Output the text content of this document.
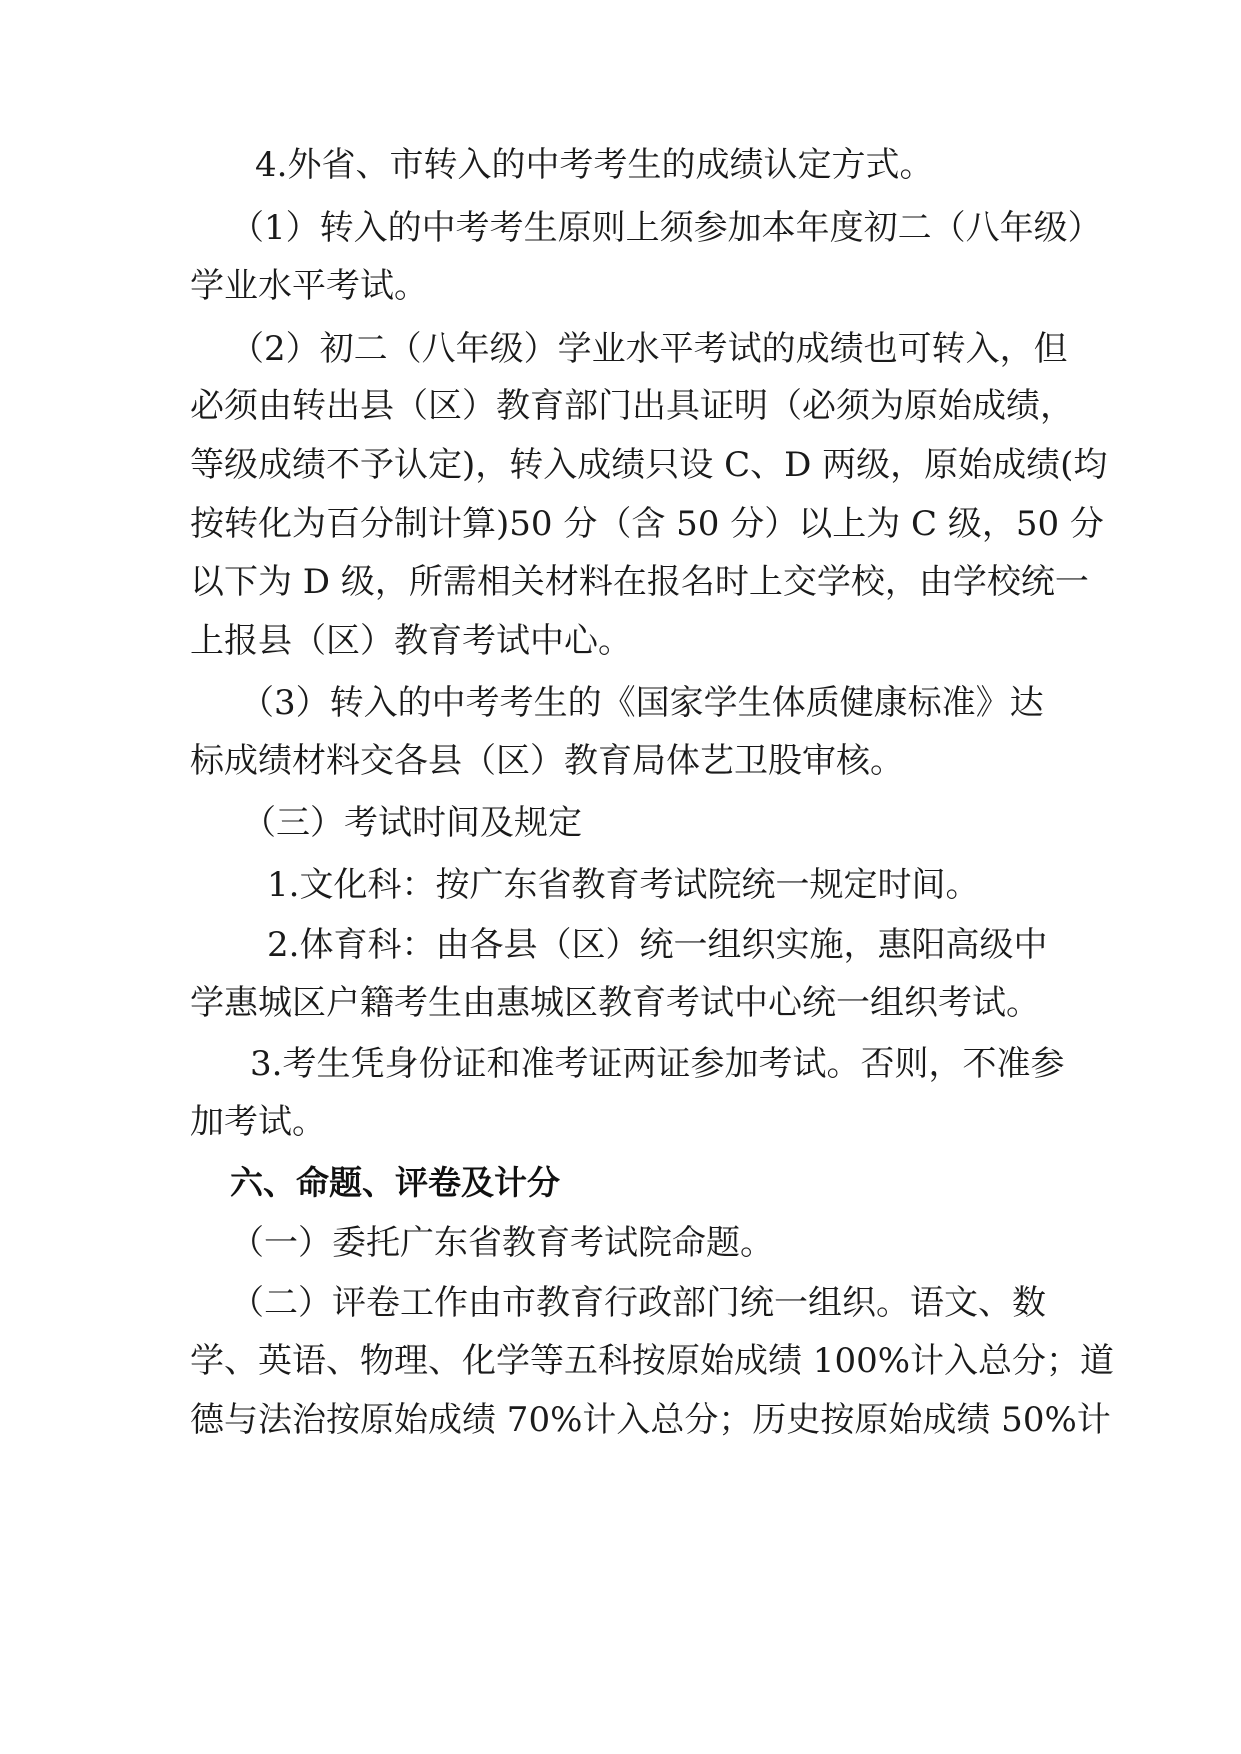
4.外省、市转入的中考考生的成绩认定方式。
（1）转入的中考考生原则上须参加本年度初二（八年级）
学业水平考试。
（2）初二（八年级）学业水平考试的成绩也可转入，但
必须由转出县（区）教育部门出具证明（必须为原始成绩，
等级成绩不予认定)，转入成绩只设 C、D 两级，原始成绩(均
按转化为百分制计算)50 分（含 50 分）以上为 C 级，50 分
以下为 D 级，所需相关材料在报名时上交学校，由学校统一
上报县（区）教育考试中心。
（3）转入的中考考生的《国家学生体质健康标准》达
标成绩材料交各县（区）教育局体艺卫股审核。
（三）考试时间及规定
1.文化科：按广东省教育考试院统一规定时间。
2.体育科：由各县（区）统一组织实施，惠阳高级中
学惠城区户籍考生由惠城区教育考试中心统一组织考试。
3.考生凭身份证和准考证两证参加考试。否则，不准参
加考试。
六、命题、评卷及计分
（一）委托广东省教育考试院命题。
（二）评卷工作由市教育行政部门统一组织。语文、数
学、英语、物理、化学等五科按原始成绩 100%计入总分；道
德与法治按原始成绩 70%计入总分；历史按原始成绩 50%计
